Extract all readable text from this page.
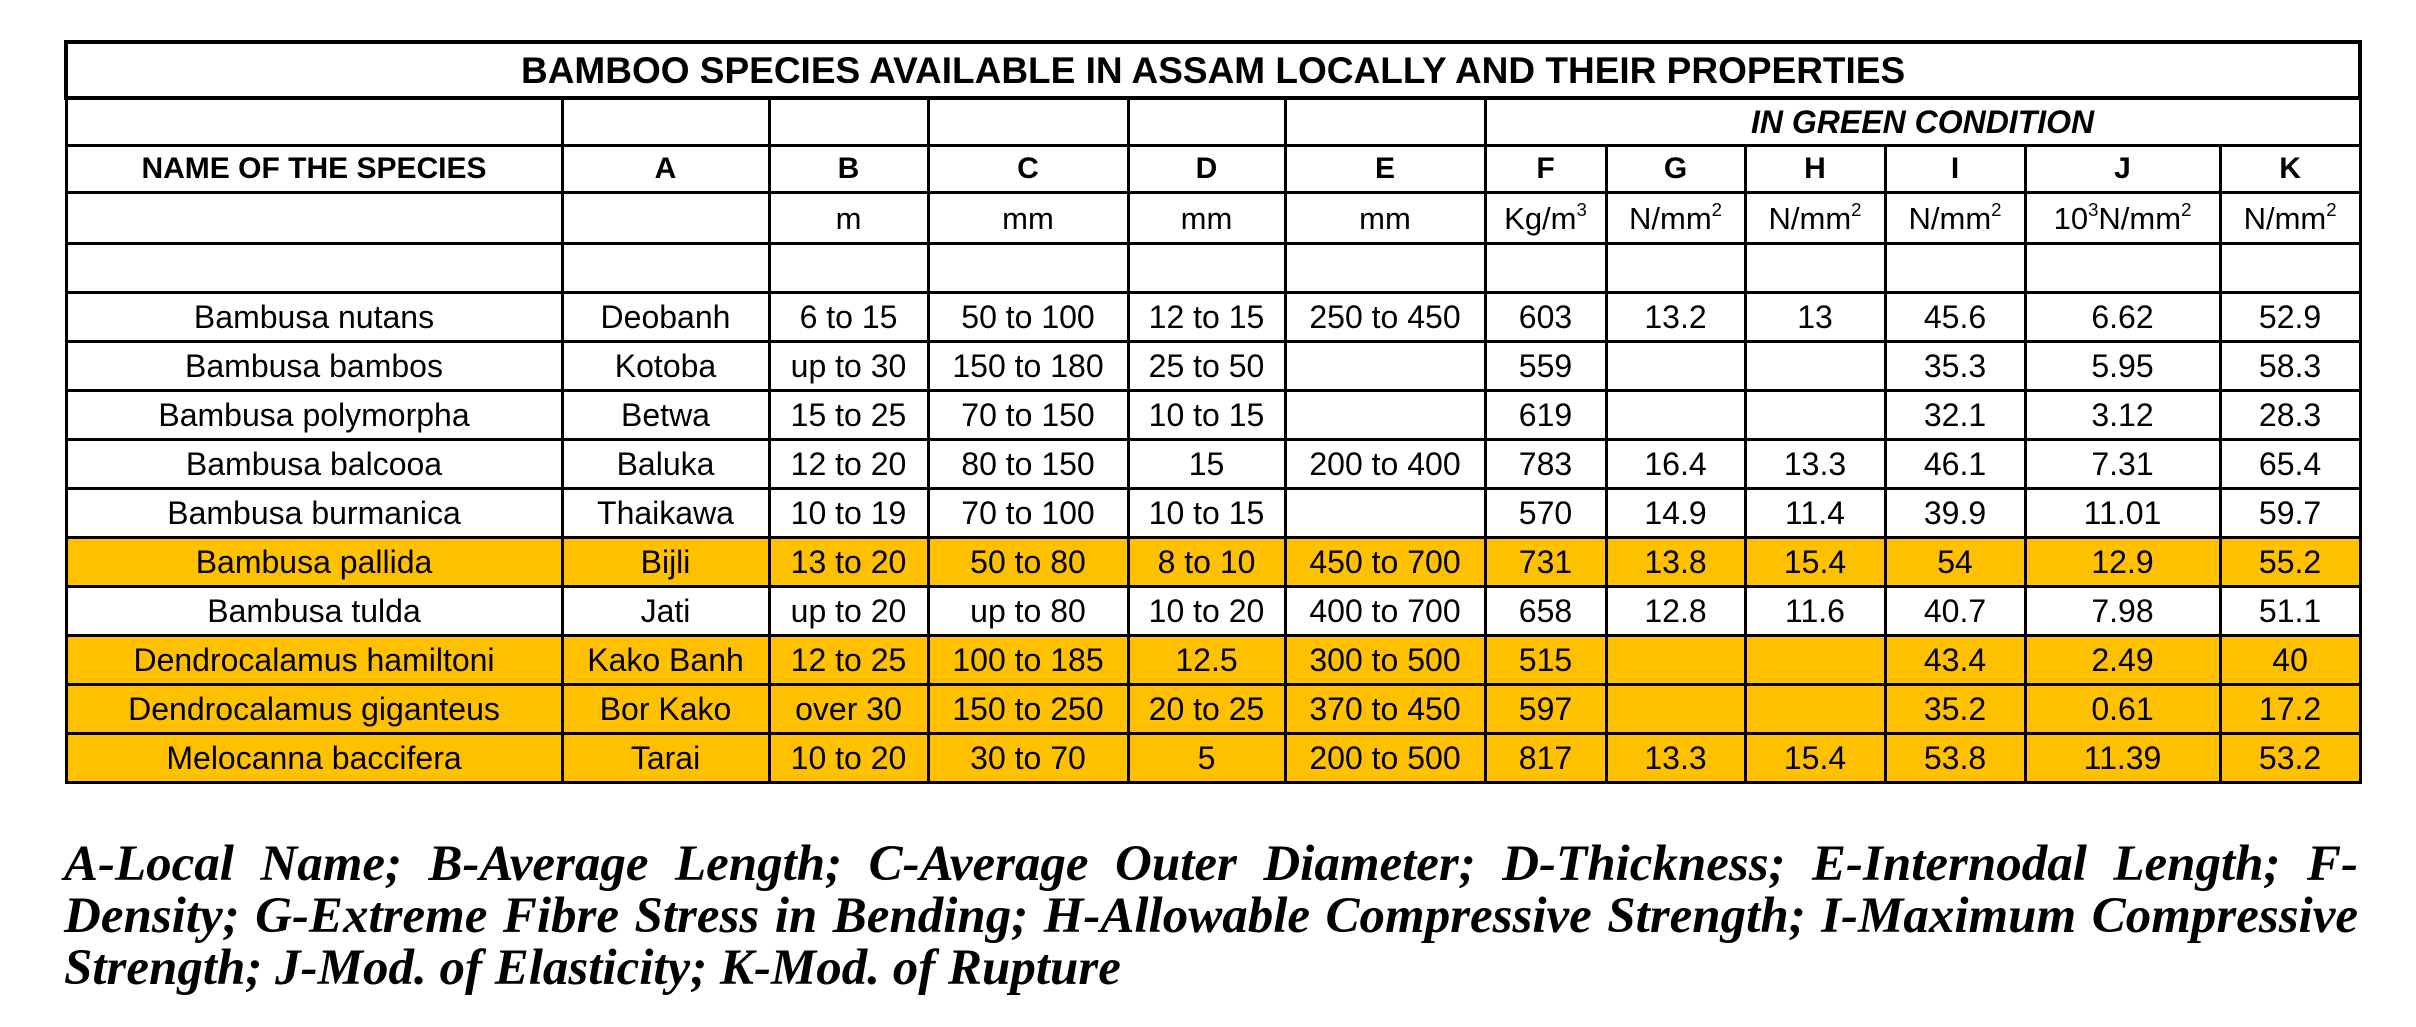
BAMBOO SPECIES AVAILABLE IN ASSAM LOCALLY AND THEIR PROPERTIES											
						IN GREEN CONDITION					
NAME OF THE SPECIES	A	B	C	D	E	F	G	H	I	J	K
		m	mm	mm	mm	$Kg/m^3$	$N/mm^2$	$N/mm^2$	$N/mm^2$	$10^3N/mm^2$	$N/mm^2$

Bambusa nutans	Deobanh	6 to 15	50 to 100	12 to 15	250 to 450	603	13.2	13	45.6	6.62	52.9
Bambusa bambos	Kotoba	up to 30	150 to 180	25 to 50		559			35.3	5.95	58.3
Bambusa polymorpha	Betwa	15 to 25	70 to 150	10 to 15		619			32.1	3.12	28.3
Bambusa balcooa	Baluka	12 to 20	80 to 150	15	200 to 400	783	16.4	13.3	46.1	7.31	65.4
Bambusa burmanica	Thaikawa	10 to 19	70 to 100	10 to 15		570	14.9	11.4	39.9	11.01	59.7
Bambusa pallida	Bijli	13 to 20	50 to 80	8 to 10	450 to 700	731	13.8	15.4	54	12.9	55.2
Bambusa tulda	Jati	up to 20	up to 80	10 to 20	400 to 700	658	12.8	11.6	40.7	7.98	51.1
Dendrocalamus hamiltoni	Kako Banh	12 to 25	100 to 185	12.5	300 to 500	515			43.4	2.49	40
Dendrocalamus giganteus	Bor Kako	over 30	150 to 250	20 to 25	370 to 450	597			35.2	0.61	17.2
Melocanna baccifera	Tarai	10 to 20	30 to 70	5	200 to 500	817	13.3	15.4	53.8	11.39	53.2

A-Local Name; B-Average Length; C-Average Outer Diameter; D-Thickness; E-Internodal Length; F-Density; G-Extreme Fibre Stress in Bending; H-Allowable Compressive Strength; I-Maximum Compressive Strength; J-Mod. of Elasticity; K-Mod. of Rupture
